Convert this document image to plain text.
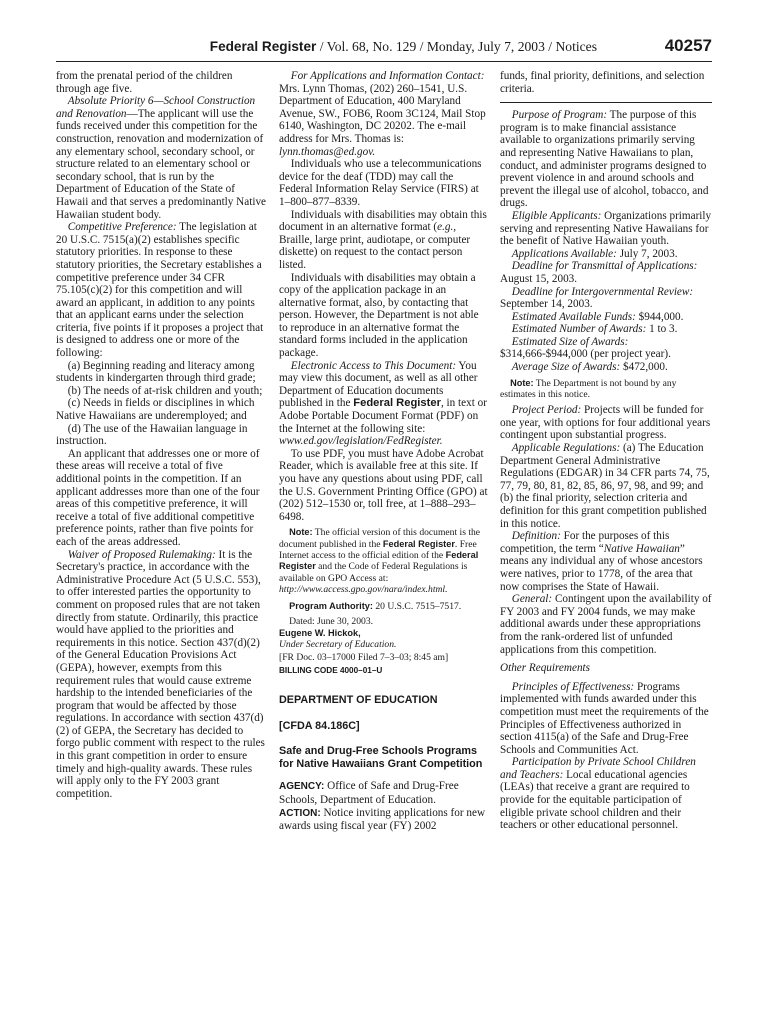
Federal Register / Vol. 68, No. 129 / Monday, July 7, 2003 / Notices	40257

from the prenatal period of the children through age five.

Absolute Priority 6—School Construction and Renovation—The applicant will use the funds received under this competition for the construction, renovation and modernization of any elementary school, secondary school, or structure related to an elementary school or secondary school, that is run by the Department of Education of the State of Hawaii and that serves a predominantly Native Hawaiian student body.

Competitive Preference: The legislation at 20 U.S.C. 7515(a)(2) establishes specific statutory priorities. In response to these statutory priorities, the Secretary establishes a competitive preference under 34 CFR 75.105(c)(2) for this competition and will award an applicant, in addition to any points that an applicant earns under the selection criteria, five points if it proposes a project that is designed to address one or more of the following:

(a) Beginning reading and literacy among students in kindergarten through third grade;

(b) The needs of at-risk children and youth;

(c) Needs in fields or disciplines in which Native Hawaiians are underemployed; and

(d) The use of the Hawaiian language in instruction.

An applicant that addresses one or more of these areas will receive a total of five additional points in the competition. If an applicant addresses more than one of the four areas of this competitive preference, it will receive a total of five additional competitive preference points, rather than five points for each of the areas addressed.

Waiver of Proposed Rulemaking: It is the Secretary's practice, in accordance with the Administrative Procedure Act (5 U.S.C. 553), to offer interested parties the opportunity to comment on proposed rules that are not taken directly from statute. Ordinarily, this practice would have applied to the priorities and requirements in this notice. Section 437(d)(2) of the General Education Provisions Act (GEPA), however, exempts from this requirement rules that would cause extreme hardship to the intended beneficiaries of the program that would be affected by those regulations. In accordance with section 437(d)(2) of GEPA, the Secretary has decided to forgo public comment with respect to the rules in this grant competition in order to ensure timely and high-quality awards. These rules will apply only to the FY 2003 grant competition.

For Applications and Information Contact: Mrs. Lynn Thomas, (202) 260–1541, U.S. Department of Education, 400 Maryland Avenue, SW., FOB6, Room 3C124, Mail Stop 6140, Washington, DC 20202. The e-mail address for Mrs. Thomas is: lynn.thomas@ed.gov.

Individuals who use a telecommunications device for the deaf (TDD) may call the Federal Information Relay Service (FIRS) at 1–800–877–8339.

Individuals with disabilities may obtain this document in an alternative format (e.g., Braille, large print, audiotape, or computer diskette) on request to the contact person listed.

Individuals with disabilities may obtain a copy of the application package in an alternative format, also, by contacting that person. However, the Department is not able to reproduce in an alternative format the standard forms included in the application package.

Electronic Access to This Document: You may view this document, as well as all other Department of Education documents published in the Federal Register, in text or Adobe Portable Document Format (PDF) on the Internet at the following site: www.ed.gov/legislation/FedRegister.

To use PDF, you must have Adobe Acrobat Reader, which is available free at this site. If you have any questions about using PDF, call the U.S. Government Printing Office (GPO) at (202) 512–1530 or, toll free, at 1–888–293–6498.

Note: The official version of this document is the document published in the Federal Register. Free Internet access to the official edition of the Federal Register and the Code of Federal Regulations is available on GPO Access at: http://www.access.gpo.gov/nara/index.html.

Program Authority: 20 U.S.C. 7515–7517.

Dated: June 30, 2003.

Eugene W. Hickok,

Under Secretary of Education.

[FR Doc. 03–17000 Filed 7–3–03; 8:45 am]

BILLING CODE 4000–01–U

DEPARTMENT OF EDUCATION

[CFDA 84.186C]

Safe and Drug-Free Schools Programs for Native Hawaiians Grant Competition

AGENCY: Office of Safe and Drug-Free Schools, Department of Education.

ACTION: Notice inviting applications for new awards using fiscal year (FY) 2002

funds, final priority, definitions, and selection criteria.

Purpose of Program: The purpose of this program is to make financial assistance available to organizations primarily serving and representing Native Hawaiians to plan, conduct, and administer programs designed to prevent violence in and around schools and prevent the illegal use of alcohol, tobacco, and drugs.

Eligible Applicants: Organizations primarily serving and representing Native Hawaiians for the benefit of Native Hawaiian youth.

Applications Available: July 7, 2003.

Deadline for Transmittal of Applications: August 15, 2003.

Deadline for Intergovernmental Review: September 14, 2003.

Estimated Available Funds: $944,000.

Estimated Number of Awards: 1 to 3.

Estimated Size of Awards: $314,666-$944,000 (per project year).

Average Size of Awards: $472,000.

Note: The Department is not bound by any estimates in this notice.

Project Period: Projects will be funded for one year, with options for four additional years contingent upon substantial progress.

Applicable Regulations: (a) The Education Department General Administrative Regulations (EDGAR) in 34 CFR parts 74, 75, 77, 79, 80, 81, 82, 85, 86, 97, 98, and 99; and (b) the final priority, selection criteria and definition for this grant competition published in this notice.

Definition: For the purposes of this competition, the term “Native Hawaiian” means any individual any of whose ancestors were natives, prior to 1778, of the area that now comprises the State of Hawaii.

General: Contingent upon the availability of FY 2003 and FY 2004 funds, we may make additional awards under these appropriations from the rank-ordered list of unfunded applications from this competition.

Other Requirements

Principles of Effectiveness: Programs implemented with funds awarded under this competition must meet the requirements of the Principles of Effectiveness authorized in section 4115(a) of the Safe and Drug-Free Schools and Communities Act.

Participation by Private School Children and Teachers: Local educational agencies (LEAs) that receive a grant are required to provide for the equitable participation of eligible private school children and their teachers or other educational personnel.
